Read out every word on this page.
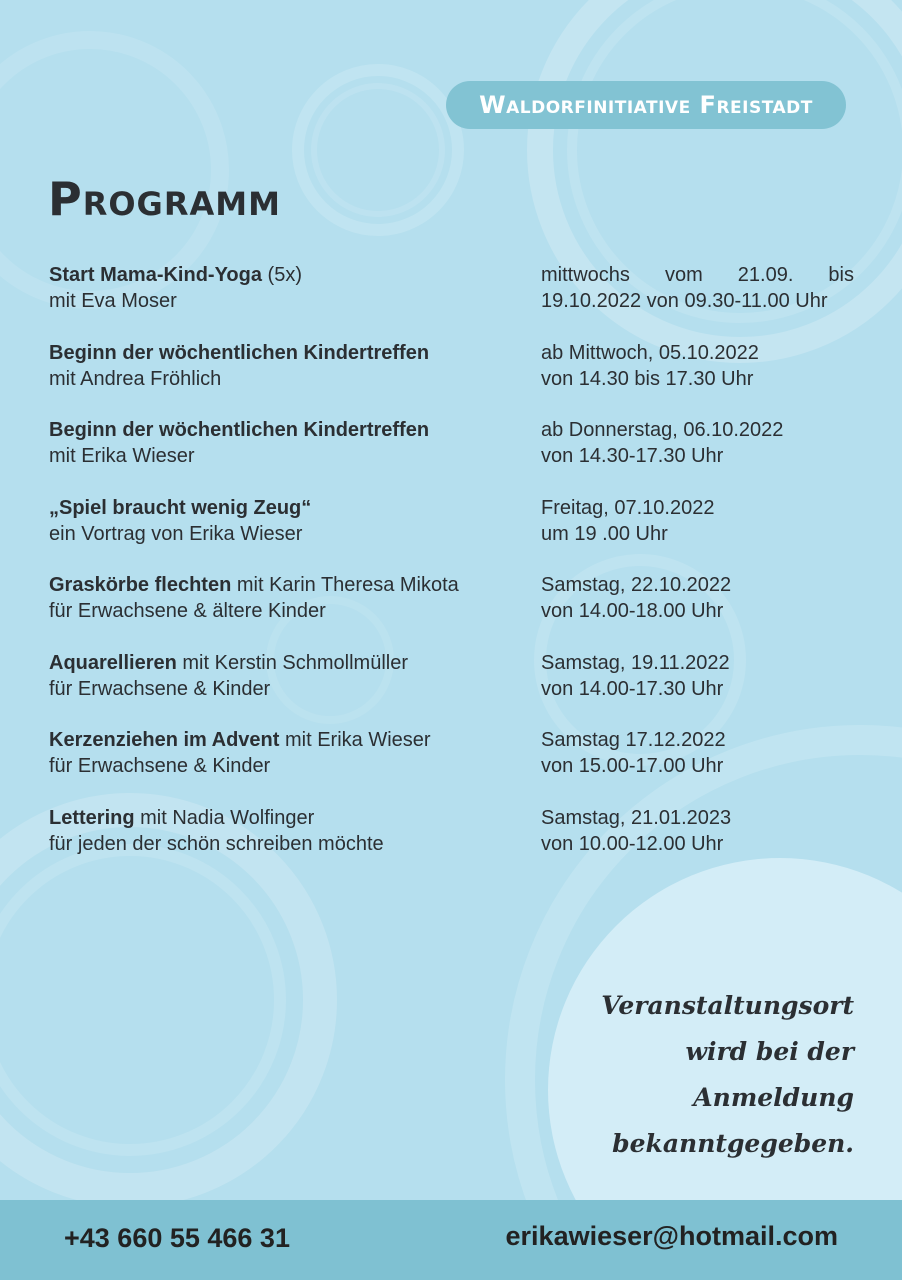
Waldorfinitiative Freistadt
Programm
Start Mama-Kind-Yoga (5x)
mit Eva Moser
mittwochs vom 21.09. bis
19.10.2022 von 09.30-11.00 Uhr
Beginn der wöchentlichen Kindertreffen
mit Andrea Fröhlich
ab Mittwoch, 05.10.2022
von 14.30 bis 17.30 Uhr
Beginn der wöchentlichen Kindertreffen
mit Erika Wieser
ab Donnerstag, 06.10.2022
von 14.30-17.30 Uhr
„Spiel braucht wenig Zeug“
ein Vortrag von Erika Wieser
Freitag, 07.10.2022
um 19 .00 Uhr
Graskörbe flechten mit Karin Theresa Mikota
für Erwachsene & ältere Kinder
Samstag, 22.10.2022
von 14.00-18.00 Uhr
Aquarellieren mit Kerstin Schmollmüller
für Erwachsene & Kinder
Samstag, 19.11.2022
von 14.00-17.30 Uhr
Kerzenziehen im Advent mit Erika Wieser
für Erwachsene & Kinder
Samstag 17.12.2022
von 15.00-17.00 Uhr
Lettering mit Nadia Wolfinger
für jeden der schön schreiben möchte
Samstag, 21.01.2023
von 10.00-12.00 Uhr
Veranstaltungsort
wird bei der
Anmeldung
bekanntgegeben.
+43 660 55 466 31	erikawieser@hotmail.com
